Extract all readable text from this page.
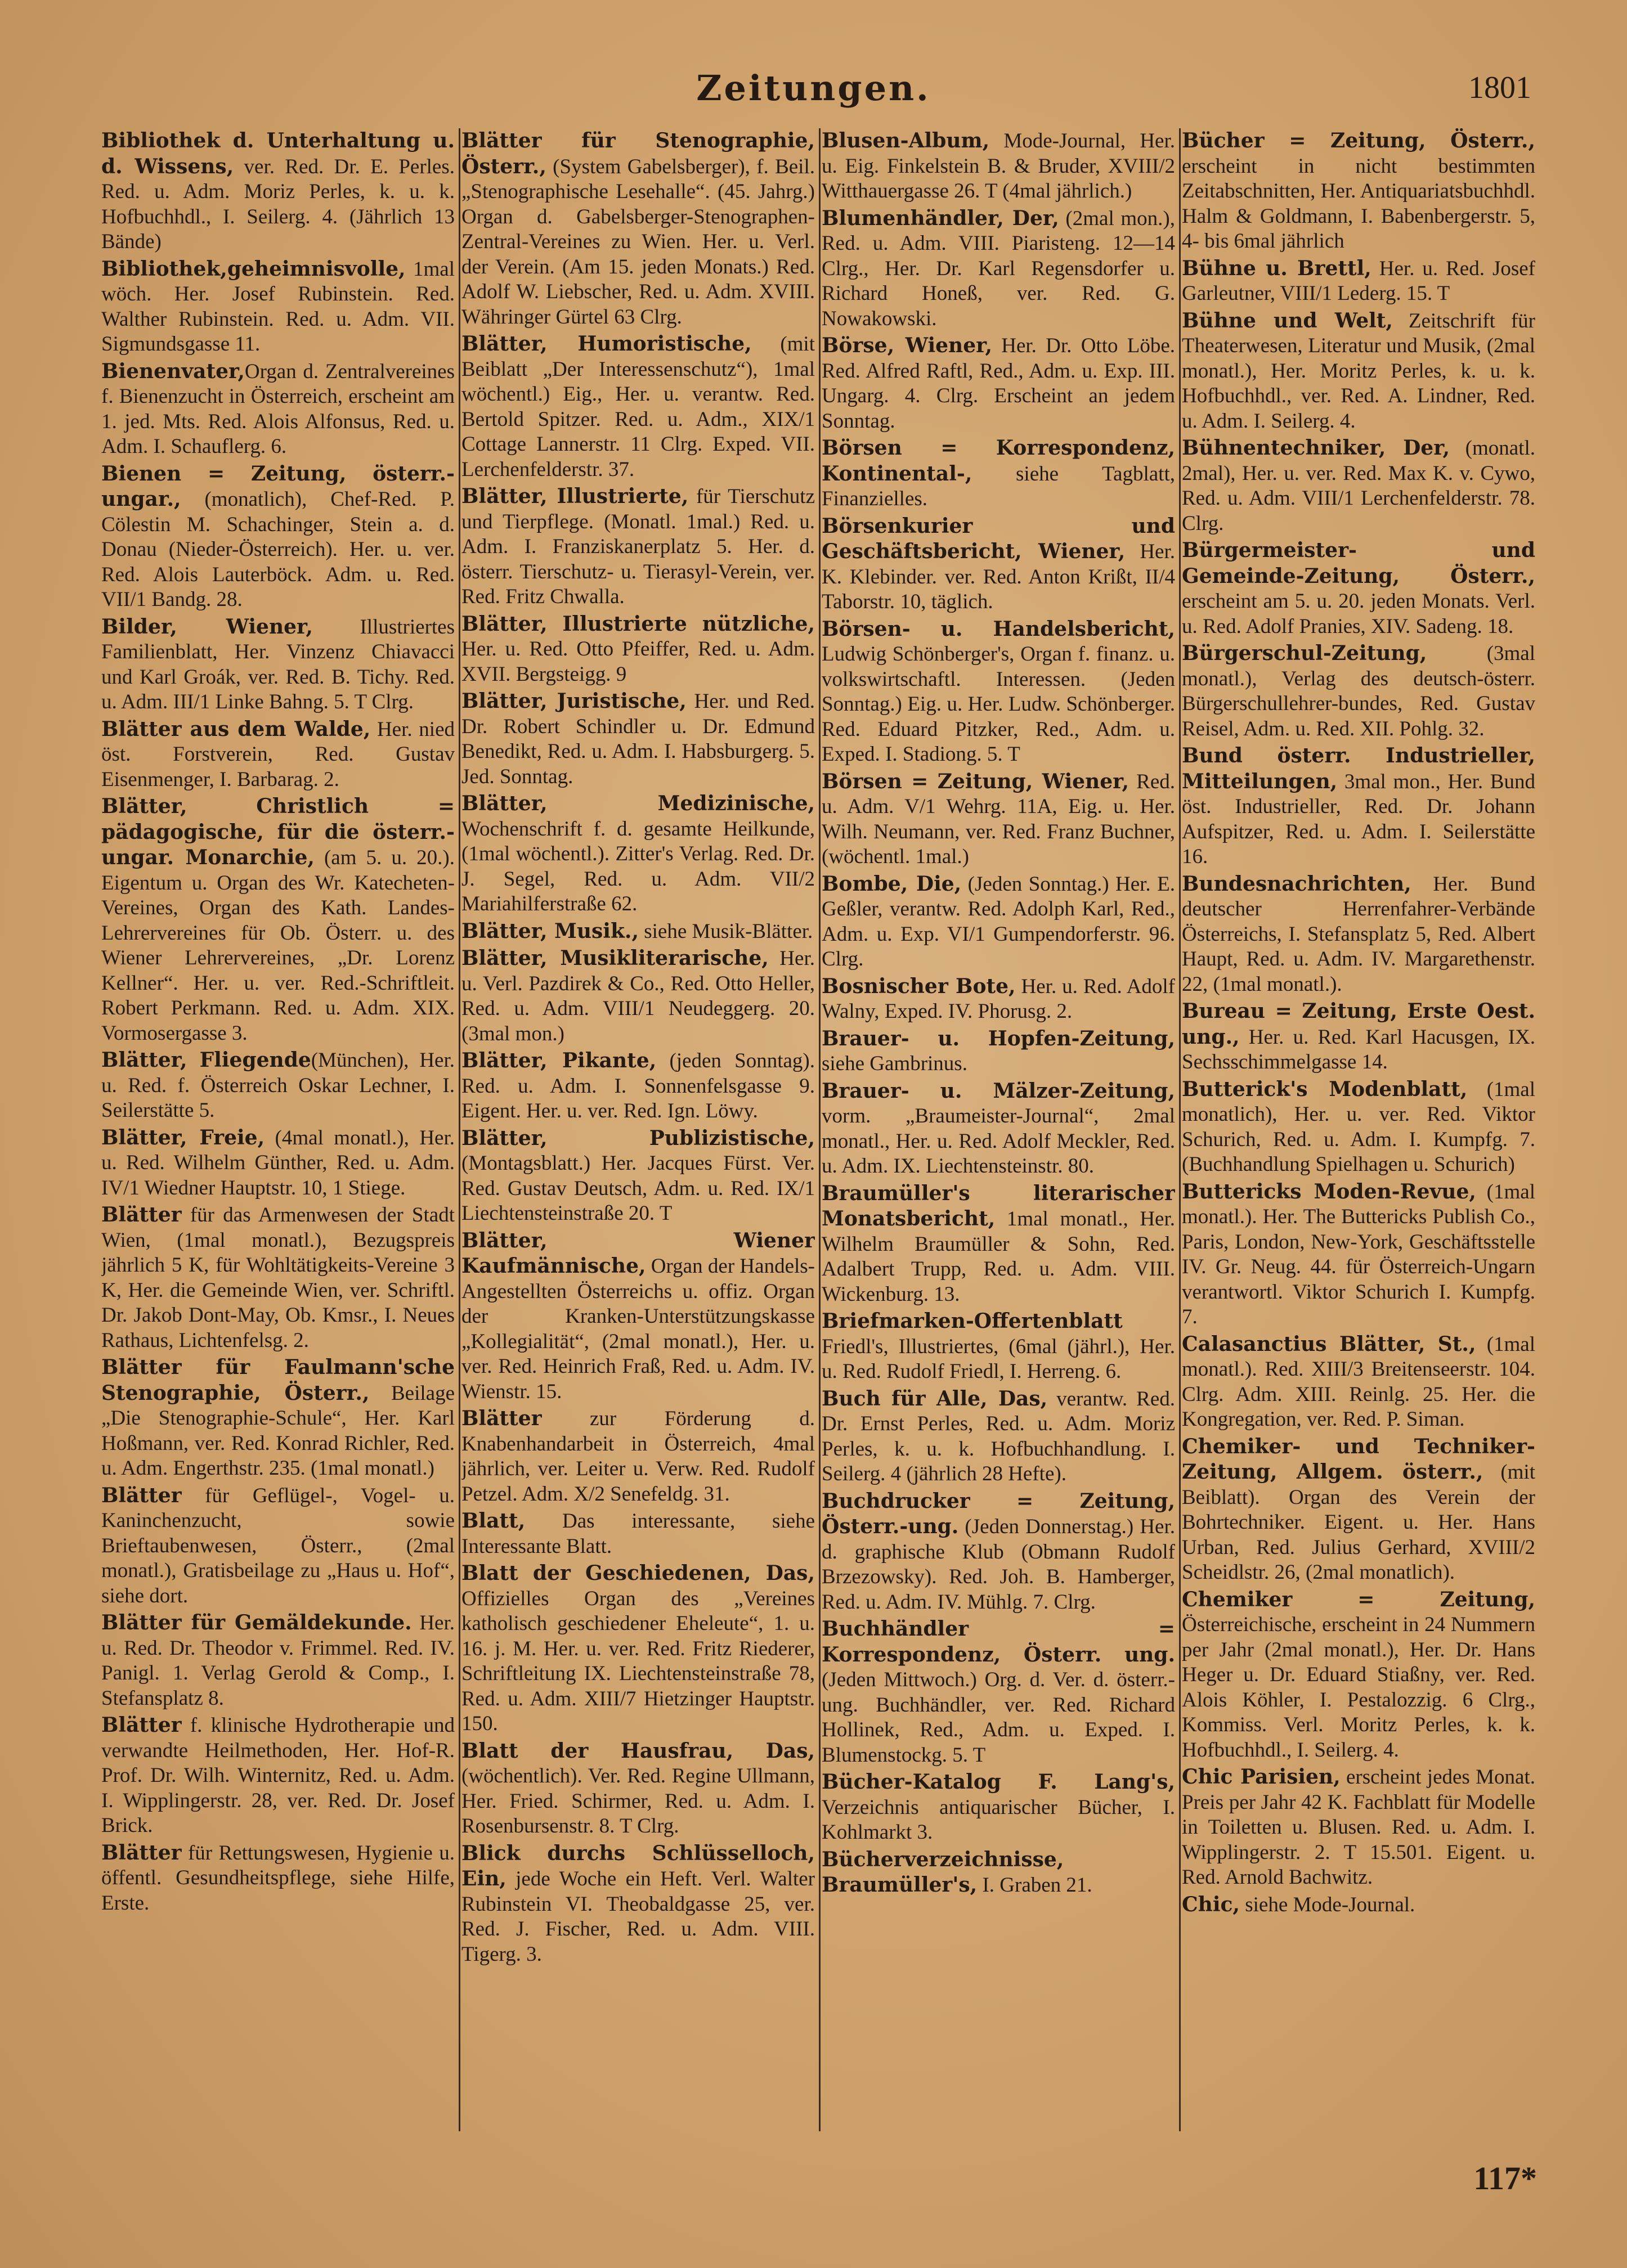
Zeitungen.	1801

Bibliothek d. Unterhaltung u. d. Wissens, ver. Red. Dr. E. Perles. Red. u. Adm. Moriz Perles, k. u. k. Hofbuchhdl., I. Seilerg. 4. (Jährlich 13 Bände)

Bibliothek,geheimnisvolle, 1mal wöch. Her. Josef Rubinstein. Red. Walther Rubinstein. Red. u. Adm. VII. Sigmundsgasse 11.

Bienenvater,Organ d. Zentralvereines f. Bienenzucht in Österreich, erscheint am 1. jed. Mts. Red. Alois Alfonsus, Red. u. Adm. I. Schauflerg. 6.

Bienen = Zeitung, österr.-ungar., (monatlich), Chef-Red. P. Cölestin M. Schachinger, Stein a. d. Donau (Nieder-Österreich). Her. u. ver. Red. Alois Lauterböck. Adm. u. Red. VII/1 Bandg. 28.

Bilder, Wiener, Illustriertes Familienblatt, Her. Vinzenz Chiavacci und Karl Groák, ver. Red. B. Tichy. Red. u. Adm. III/1 Linke Bahng. 5. T Clrg.

Blätter aus dem Walde, Her. nied öst. Forstverein, Red. Gustav Eisenmenger, I. Barbarag. 2.

Blätter, Christlich = pädagogische, für die österr.-ungar. Monarchie, (am 5. u. 20.). Eigentum u. Organ des Wr. Katecheten-Vereines, Organ des Kath. Landes-Lehrervereines für Ob. Österr. u. des Wiener Lehrervereines, „Dr. Lorenz Kellner“. Her. u. ver. Red.-Schriftleit. Robert Perkmann. Red. u. Adm. XIX. Vormosergasse 3.

Blätter, Fliegende(München), Her. u. Red. f. Österreich Oskar Lechner, I. Seilerstätte 5.

Blätter, Freie, (4mal monatl.), Her. u. Red. Wilhelm Günther, Red. u. Adm. IV/1 Wiedner Hauptstr. 10, 1 Stiege.

Blätter für das Armenwesen der Stadt Wien, (1mal monatl.), Bezugspreis jährlich 5 K, für Wohltätigkeits-Vereine 3 K, Her. die Gemeinde Wien, ver. Schriftl. Dr. Jakob Dont-May, Ob. Kmsr., I. Neues Rathaus, Lichtenfelsg. 2.

Blätter für Faulmann'sche Stenographie, Österr., Beilage „Die Stenographie-Schule“, Her. Karl Hoßmann, ver. Red. Konrad Richler, Red. u. Adm. Engerthstr. 235. (1mal monatl.)

Blätter für Geflügel-, Vogel- u. Kaninchenzucht, sowie Brieftaubenwesen, Österr., (2mal monatl.), Gratisbeilage zu „Haus u. Hof“, siehe dort.

Blätter für Gemäldekunde. Her. u. Red. Dr. Theodor v. Frimmel. Red. IV. Panigl. 1. Verlag Gerold & Comp., I. Stefansplatz 8.

Blätter f. klinische Hydrotherapie und verwandte Heilmethoden, Her. Hof-R. Prof. Dr. Wilh. Winternitz, Red. u. Adm. I. Wipplingerstr. 28, ver. Red. Dr. Josef Brick.

Blätter für Rettungswesen, Hygienie u. öffentl. Gesundheitspflege, siehe Hilfe, Erste.

Blätter für Stenographie, Österr., (System Gabelsberger), f. Beil. „Stenographische Lesehalle“. (45. Jahrg.) Organ d. Gabelsberger-Stenographen-Zentral-Vereines zu Wien. Her. u. Verl. der Verein. (Am 15. jeden Monats.) Red. Adolf W. Liebscher, Red. u. Adm. XVIII. Währinger Gürtel 63 Clrg.

Blätter, Humoristische, (mit Beiblatt „Der Interessenschutz“), 1mal wöchentl.) Eig., Her. u. verantw. Red. Bertold Spitzer. Red. u. Adm., XIX/1 Cottage Lannerstr. 11 Clrg. Exped. VII. Lerchenfelderstr. 37.

Blätter, Illustrierte, für Tierschutz und Tierpflege. (Monatl. 1mal.) Red. u. Adm. I. Franziskanerplatz 5. Her. d. österr. Tierschutz- u. Tierasyl-Verein, ver. Red. Fritz Chwalla.

Blätter, Illustrierte nützliche, Her. u. Red. Otto Pfeiffer, Red. u. Adm. XVII. Bergsteigg. 9

Blätter, Juristische, Her. und Red. Dr. Robert Schindler u. Dr. Edmund Benedikt, Red. u. Adm. I. Habsburgerg. 5. Jed. Sonntag.

Blätter, Medizinische, Wochenschrift f. d. gesamte Heilkunde, (1mal wöchentl.). Zitter's Verlag. Red. Dr. J. Segel, Red. u. Adm. VII/2 Mariahilferstraße 62.

Blätter, Musik., siehe Musik-Blätter.

Blätter, Musikliterarische, Her. u. Verl. Pazdirek & Co., Red. Otto Heller, Red. u. Adm. VIII/1 Neudeggerg. 20. (3mal mon.)

Blätter, Pikante, (jeden Sonntag). Red. u. Adm. I. Sonnenfelsgasse 9. Eigent. Her. u. ver. Red. Ign. Löwy.

Blätter, Publizistische, (Montagsblatt.) Her. Jacques Fürst. Ver. Red. Gustav Deutsch, Adm. u. Red. IX/1 Liechtensteinstraße 20. T

Blätter, Wiener Kaufmännische, Organ der Handels-Angestellten Österreichs u. offiz. Organ der Kranken-Unterstützungskasse „Kollegialität“, (2mal monatl.), Her. u. ver. Red. Heinrich Fraß, Red. u. Adm. IV. Wienstr. 15.

Blätter zur Förderung d. Knabenhandarbeit in Österreich, 4mal jährlich, ver. Leiter u. Verw. Red. Rudolf Petzel. Adm. X/2 Senefeldg. 31.

Blatt, Das interessante, siehe Interessante Blatt.

Blatt der Geschiedenen, Das, Offizielles Organ des „Vereines katholisch geschiedener Eheleute“, 1. u. 16. j. M. Her. u. ver. Red. Fritz Riederer, Schriftleitung IX. Liechtensteinstraße 78, Red. u. Adm. XIII/7 Hietzinger Hauptstr. 150.

Blatt der Hausfrau, Das, (wöchentlich). Ver. Red. Regine Ullmann, Her. Fried. Schirmer, Red. u. Adm. I. Rosenbursenstr. 8. T Clrg.

Blick durchs Schlüsselloch, Ein, jede Woche ein Heft. Verl. Walter Rubinstein VI. Theobaldgasse 25, ver. Red. J. Fischer, Red. u. Adm. VIII. Tigerg. 3.

Blusen-Album, Mode-Journal, Her. u. Eig. Finkelstein B. & Bruder, XVIII/2 Witthauergasse 26. T (4mal jährlich.)

Blumenhändler, Der, (2mal mon.), Red. u. Adm. VIII. Piaristeng. 12—14 Clrg., Her. Dr. Karl Regensdorfer u. Richard Honeß, ver. Red. G. Nowakowski.

Börse, Wiener, Her. Dr. Otto Löbe. Red. Alfred Raftl, Red., Adm. u. Exp. III. Ungarg. 4. Clrg. Erscheint an jedem Sonntag.

Börsen = Korrespondenz, Kontinental-, siehe Tagblatt, Finanzielles.

Börsenkurier und Geschäftsbericht, Wiener, Her. K. Klebinder. ver. Red. Anton Krißt, II/4 Taborstr. 10, täglich.

Börsen- u. Handelsbericht, Ludwig Schönberger's, Organ f. finanz. u. volkswirtschaftl. Interessen. (Jeden Sonntag.) Eig. u. Her. Ludw. Schönberger. Red. Eduard Pitzker, Red., Adm. u. Exped. I. Stadiong. 5. T

Börsen = Zeitung, Wiener, Red. u. Adm. V/1 Wehrg. 11A, Eig. u. Her. Wilh. Neumann, ver. Red. Franz Buchner, (wöchentl. 1mal.)

Bombe, Die, (Jeden Sonntag.) Her. E. Geßler, verantw. Red. Adolph Karl, Red., Adm. u. Exp. VI/1 Gumpendorferstr. 96. Clrg.

Bosnischer Bote, Her. u. Red. Adolf Walny, Exped. IV. Phorusg. 2.

Brauer- u. Hopfen-Zeitung, siehe Gambrinus.

Brauer- u. Mälzer-Zeitung, vorm. „Braumeister-Journal“, 2mal monatl., Her. u. Red. Adolf Meckler, Red. u. Adm. IX. Liechtensteinstr. 80.

Braumüller's literarischer Monatsbericht, 1mal monatl., Her. Wilhelm Braumüller & Sohn, Red. Adalbert Trupp, Red. u. Adm. VIII. Wickenburg. 13.

Briefmarken-Offertenblatt Friedl's, Illustriertes, (6mal (jährl.), Her. u. Red. Rudolf Friedl, I. Herreng. 6.

Buch für Alle, Das, verantw. Red. Dr. Ernst Perles, Red. u. Adm. Moriz Perles, k. u. k. Hofbuchhandlung. I. Seilerg. 4 (jährlich 28 Hefte).

Buchdrucker = Zeitung, Österr.-ung. (Jeden Donnerstag.) Her. d. graphische Klub (Obmann Rudolf Brzezowsky). Red. Joh. B. Hamberger, Red. u. Adm. IV. Mühlg. 7. Clrg.

Buchhändler = Korrespondenz, Österr. ung. (Jeden Mittwoch.) Org. d. Ver. d. österr.-ung. Buchhändler, ver. Red. Richard Hollinek, Red., Adm. u. Exped. I. Blumenstockg. 5. T

Bücher-Katalog F. Lang's, Verzeichnis antiquarischer Bücher, I. Kohlmarkt 3.

Bücherverzeichnisse, Braumüller's, I. Graben 21.

Bücher = Zeitung, Österr., erscheint in nicht bestimmten Zeitabschnitten, Her. Antiquariatsbuchhdl. Halm & Goldmann, I. Babenbergerstr. 5, 4- bis 6mal jährlich

Bühne u. Brettl, Her. u. Red. Josef Garleutner, VIII/1 Lederg. 15. T

Bühne und Welt, Zeitschrift für Theaterwesen, Literatur und Musik, (2mal monatl.), Her. Moritz Perles, k. u. k. Hofbuchhdl., ver. Red. A. Lindner, Red. u. Adm. I. Seilerg. 4.

Bühnentechniker, Der, (monatl. 2mal), Her. u. ver. Red. Max K. v. Cywo, Red. u. Adm. VIII/1 Lerchenfelderstr. 78. Clrg.

Bürgermeister- und Gemeinde-Zeitung, Österr., erscheint am 5. u. 20. jeden Monats. Verl. u. Red. Adolf Pranies, XIV. Sadeng. 18.

Bürgerschul-Zeitung, (3mal monatl.), Verlag des deutsch-österr. Bürgerschullehrer-bundes, Red. Gustav Reisel, Adm. u. Red. XII. Pohlg. 32.

Bund österr. Industrieller, Mitteilungen, 3mal mon., Her. Bund öst. Industrieller, Red. Dr. Johann Aufspitzer, Red. u. Adm. I. Seilerstätte 16.

Bundesnachrichten, Her. Bund deutscher Herrenfahrer-Verbände Österreichs, I. Stefansplatz 5, Red. Albert Haupt, Red. u. Adm. IV. Margarethenstr. 22, (1mal monatl.).

Bureau = Zeitung, Erste Oest. ung., Her. u. Red. Karl Hacusgen, IX. Sechsschimmelgasse 14.

Butterick's Modenblatt, (1mal monatlich), Her. u. ver. Red. Viktor Schurich, Red. u. Adm. I. Kumpfg. 7. (Buchhandlung Spielhagen u. Schurich)

Buttericks Moden-Revue, (1mal monatl.). Her. The Buttericks Publish Co., Paris, London, New-York, Geschäftsstelle IV. Gr. Neug. 44. für Österreich-Ungarn verantwortl. Viktor Schurich I. Kumpfg. 7.

Calasanctius Blätter, St., (1mal monatl.). Red. XIII/3 Breitenseerstr. 104. Clrg. Adm. XIII. Reinlg. 25. Her. die Kongregation, ver. Red. P. Siman.

Chemiker- und Techniker-Zeitung, Allgem. österr., (mit Beiblatt). Organ des Verein der Bohrtechniker. Eigent. u. Her. Hans Urban, Red. Julius Gerhard, XVIII/2 Scheidlstr. 26, (2mal monatlich).

Chemiker = Zeitung, Österreichische, erscheint in 24 Nummern per Jahr (2mal monatl.), Her. Dr. Hans Heger u. Dr. Eduard Stiaßny, ver. Red. Alois Köhler, I. Pestalozzig. 6 Clrg., Kommiss. Verl. Moritz Perles, k. k. Hofbuchhdl., I. Seilerg. 4.

Chic Parisien, erscheint jedes Monat. Preis per Jahr 42 K. Fachblatt für Modelle in Toiletten u. Blusen. Red. u. Adm. I. Wipplingerstr. 2. T 15.501. Eigent. u. Red. Arnold Bachwitz.

Chic, siehe Mode-Journal.

117*
